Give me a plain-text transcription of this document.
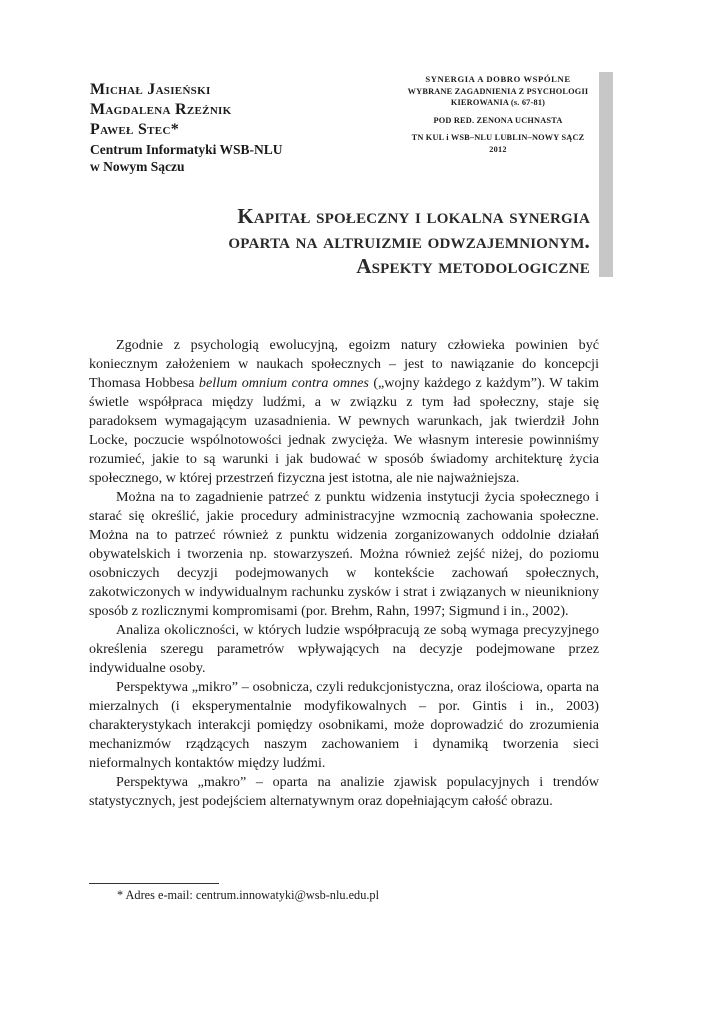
Michał Jasieński
Magdalena Rzeźnik
Paweł Stec*
Centrum Informatyki WSB-NLU
w Nowym Sączu
SYNERGIA A DOBRO WSPÓLNE
WYBRANE ZAGADNIENIA Z PSYCHOLOGII
KIEROWANIA (s. 67-81)
POD RED. ZENONA UCHNASTA
TN KUL i WSB–NLU LUBLIN–NOWY SĄCZ 2012
Kapitał społeczny i lokalna synergia
oparta na altruizmie odwzajemnionym.
Aspekty metodologiczne

Zgodnie z psychologią ewolucyjną, egoizm natury człowieka powinien być koniecznym założeniem w naukach społecznych – jest to nawiązanie do koncepcji Thomasa Hobbesa bellum omnium contra omnes („wojny każdego z każdym”). W takim świetle współpraca między ludźmi, a w związku z tym ład społeczny, staje się paradoksem wymagającym uzasadnienia. W pewnych warunkach, jak twierdził John Locke, poczucie wspólnotowości jednak zwycięża. We własnym interesie powinniśmy rozumieć, jakie to są warunki i jak budować w sposób świadomy architekturę życia społecznego, w której przestrzeń fizyczna jest istotna, ale nie najważniejsza.

Można na to zagadnienie patrzeć z punktu widzenia instytucji życia społecznego i starać się określić, jakie procedury administracyjne wzmocnią zachowania społeczne. Można na to patrzeć również z punktu widzenia zorganizowanych oddolnie działań obywatelskich i tworzenia np. stowarzyszeń. Można również zejść niżej, do poziomu osobniczych decyzji podejmowanych w kontekście zachowań społecznych, zakotwiczonych w indywidualnym rachunku zysków i strat i związanych w nieunikniony sposób z rozlicznymi kompromisami (por. Brehm, Rahn, 1997; Sigmund i in., 2002).

Analiza okoliczności, w których ludzie współpracują ze sobą wymaga precyzyjnego określenia szeregu parametrów wpływających na decyzje podejmowane przez indywidualne osoby.

Perspektywa „mikro” – osobnicza, czyli redukcjonistyczna, oraz ilościowa, oparta na mierzalnych (i eksperymentalnie modyfikowalnych – por. Gintis i in., 2003) charakterystykach interakcji pomiędzy osobnikami, może doprowadzić do zrozumienia mechanizmów rządzących naszym zachowaniem i dynamiką tworzenia sieci nieformalnych kontaktów między ludźmi.

Perspektywa „makro” – oparta na analizie zjawisk populacyjnych i trendów statystycznych, jest podejściem alternatywnym oraz dopełniającym całość obrazu.

* Adres e-mail: centrum.innowatyki@wsb-nlu.edu.pl
